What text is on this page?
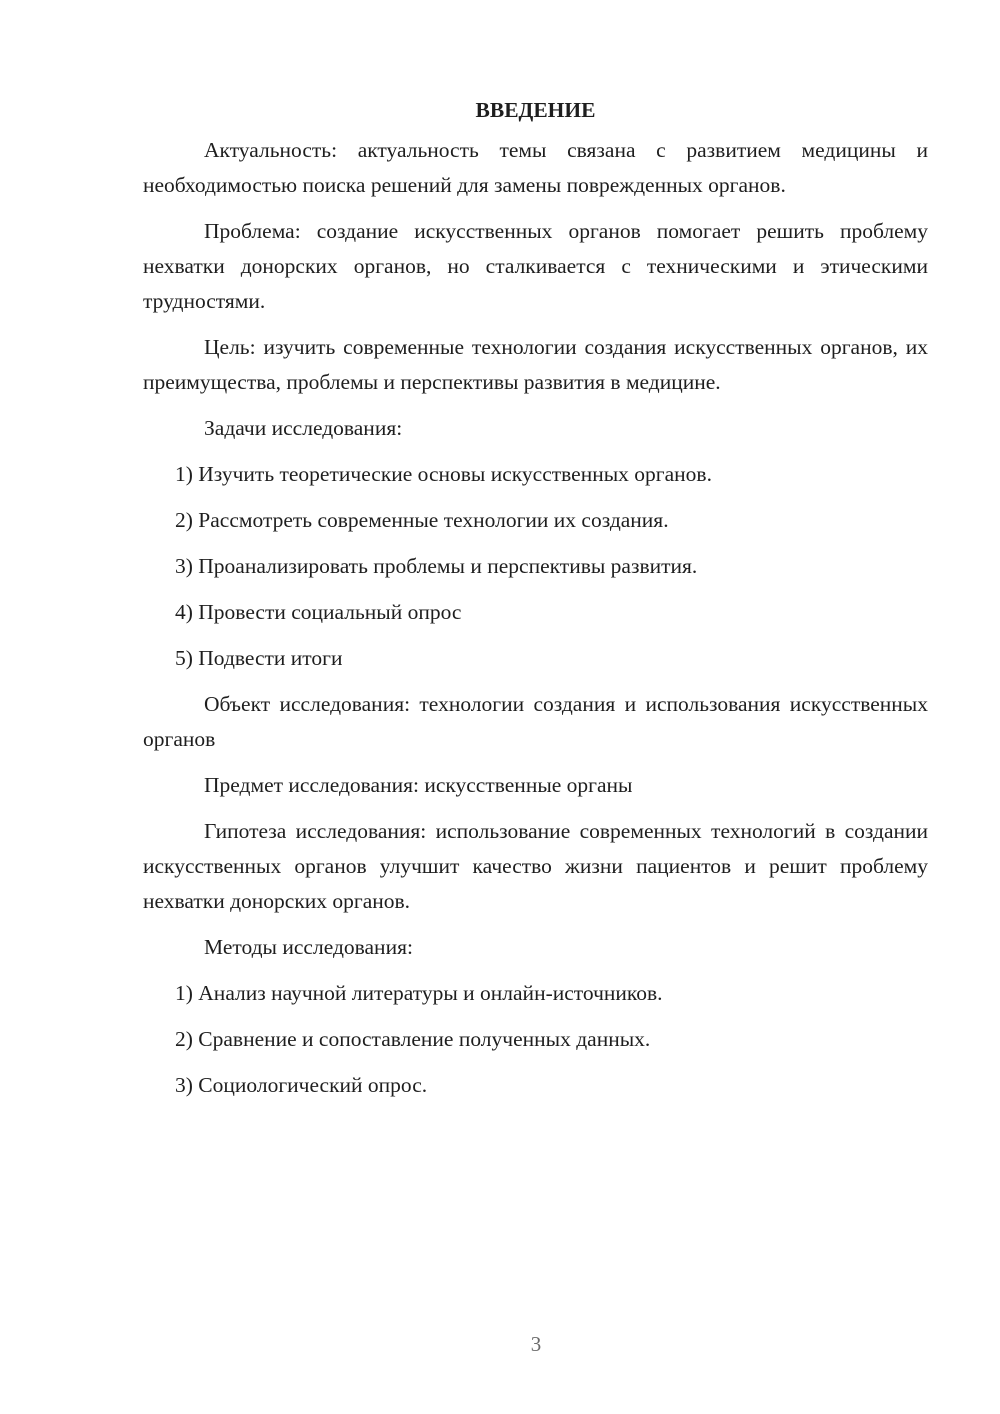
ВВЕДЕНИЕ
Актуальность: актуальность темы связана с развитием медицины и необходимостью поиска решений для замены поврежденных органов.
Проблема: создание искусственных органов помогает решить проблему нехватки донорских органов, но сталкивается с техническими и этическими трудностями.
Цель: изучить современные технологии создания искусственных органов, их преимущества, проблемы и перспективы развития в медицине.
Задачи исследования:
1) Изучить теоретические основы искусственных органов.
2) Рассмотреть современные технологии их создания.
3) Проанализировать проблемы и перспективы развития.
4) Провести социальный опрос
5) Подвести итоги
Объект исследования: технологии создания и использования искусственных органов
Предмет исследования: искусственные органы
Гипотеза исследования: использование современных технологий в создании искусственных органов улучшит качество жизни пациентов и решит проблему нехватки донорских органов.
Методы исследования:
1) Анализ научной литературы и онлайн-источников.
2) Сравнение и сопоставление полученных данных.
3) Социологический опрос.
3
